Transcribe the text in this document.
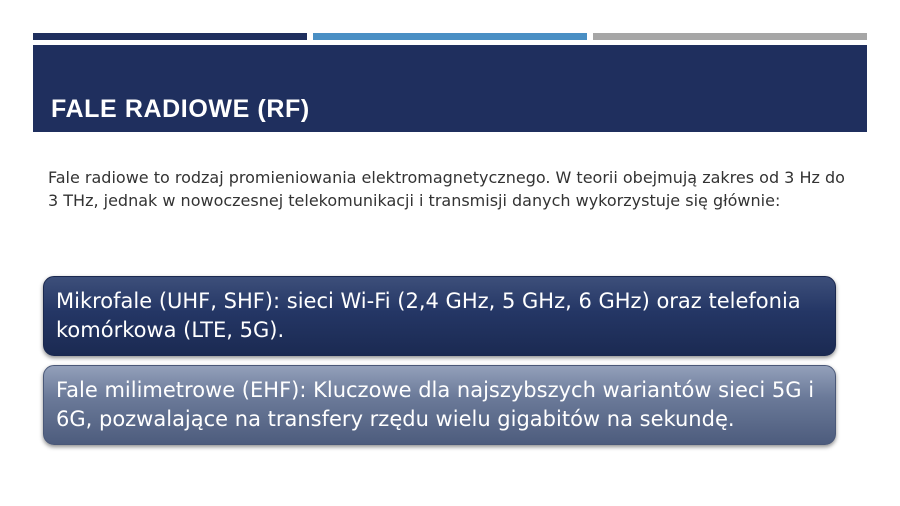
FALE RADIOWE (RF)
Fale radiowe to rodzaj promieniowania elektromagnetycznego. W teorii obejmują zakres od 3 Hz do 3 THz, jednak w nowoczesnej telekomunikacji i transmisji danych wykorzystuje się głównie:
Mikrofale (UHF, SHF): sieci Wi-Fi (2,4 GHz, 5 GHz, 6 GHz) oraz telefonia komórkowa (LTE, 5G).
Fale milimetrowe (EHF): Kluczowe dla najszybszych wariantów sieci 5G i 6G, pozwalające na transfery rzędu wielu gigabitów na sekundę.
